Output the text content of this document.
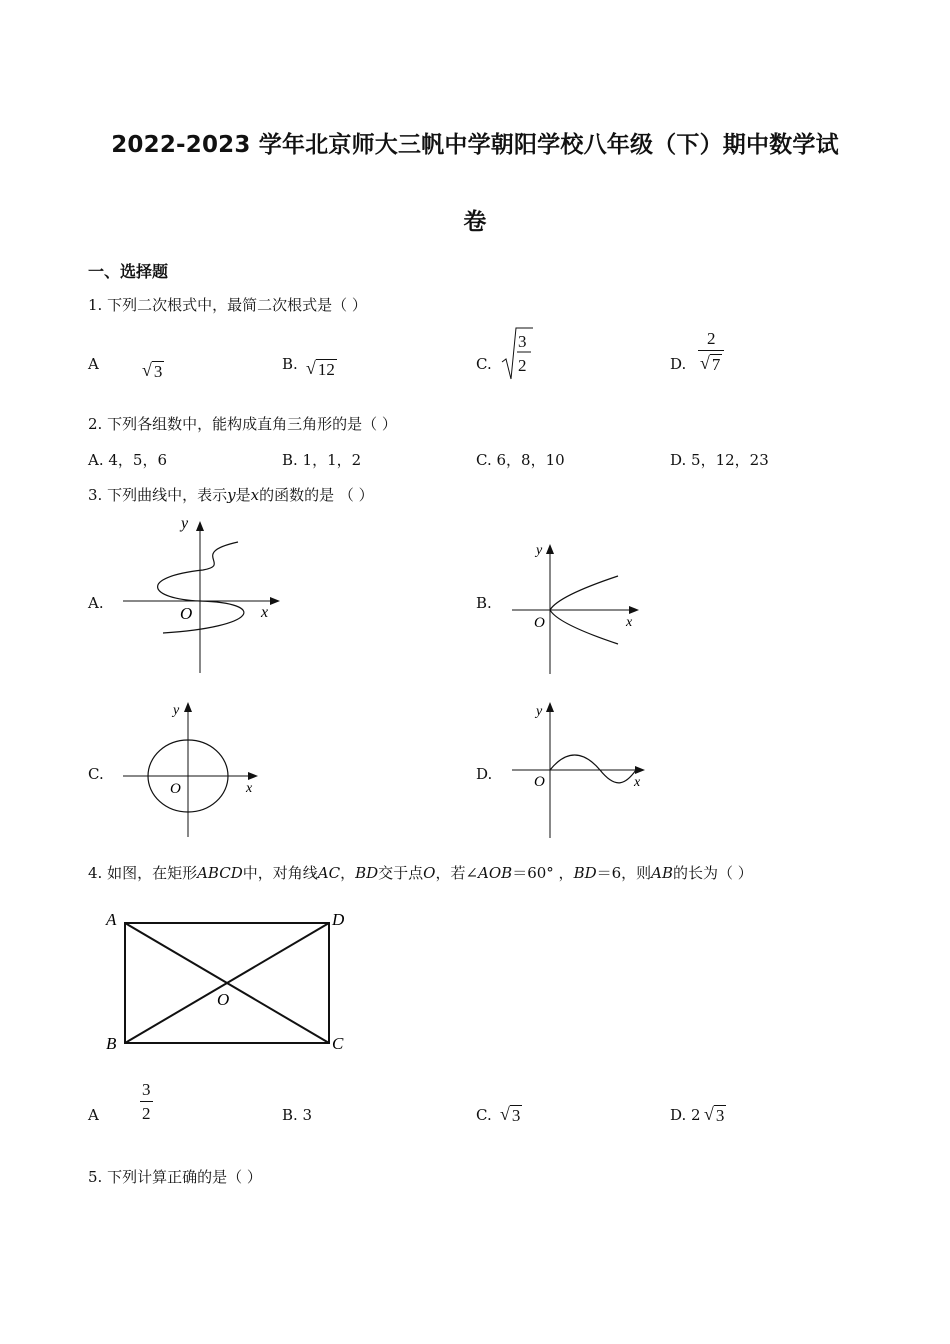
2022-2023 学年北京师大三帆中学朝阳学校八年级（下）期中数学试
卷
一、选择题
1. 下列二次根式中，最简二次根式是（ ）
A √ 3	B. √ 12	C.
3
2	D. $\frac{2}{√ 7}$
2. 下列各组数中，能构成直角三角形的是（ ）
A. 4，5，6	B. 1，1，2	C. 6，8，10	D. 5，12，23
3. 下列曲线中，表示y是x的函数的是 （ ）
A.
y
x
O
B.
y
x
O
C.
y
x
O
D.
y
x
O
4. 如图，在矩形ABCD中，对角线AC，BD交于点O，若∠AOB＝60° ，BD＝6，则AB的长为（ ）
A	D
B	C
O
A $\frac{3}{2}$	B. 3	C. √ 3	D. 2 √ 3
5. 下列计算正确的是（ ）
